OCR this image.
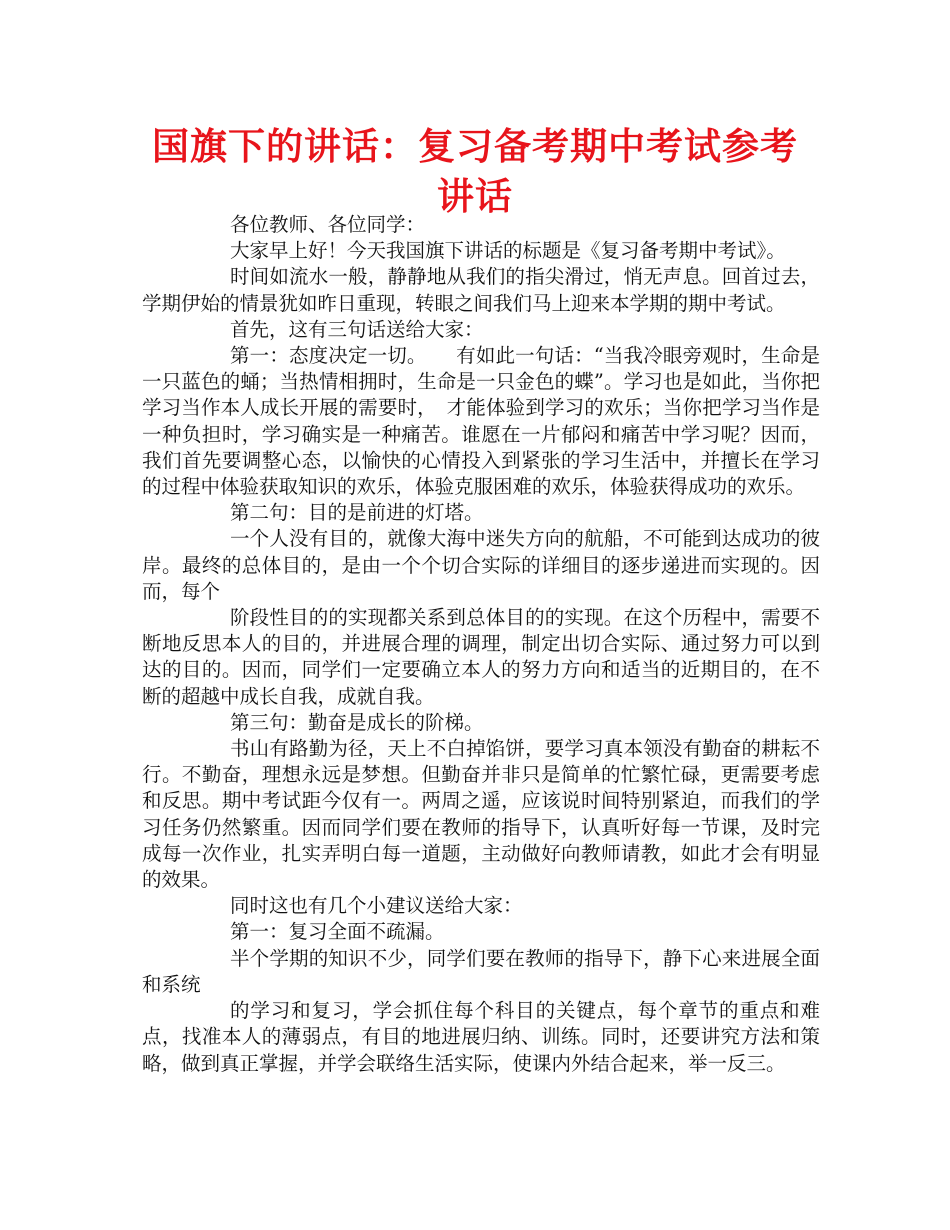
国旗下的讲话：复习备考期中考试参考讲话

各位教师、各位同学：

大家早上好！今天我国旗下讲话的标题是《复习备考期中考试》。

时间如流水一般，静静地从我们的指尖滑过，悄无声息。回首过去，学期伊始的情景犹如昨日重现，转眼之间我们马上迎来本学期的期中考试。

首先，这有三句话送给大家：

第一：态度决定一切。　　有如此一句话：“当我冷眼旁观时，生命是一只蓝色的蛹；当热情相拥时，生命是一只金色的蝶”。学习也是如此，当你把学习当作本人成长开展的需要时，　才能体验到学习的欢乐；当你把学习当作是一种负担时，学习确实是一种痛苦。谁愿在一片郁闷和痛苦中学习呢？因而，我们首先要调整心态，以愉快的心情投入到紧张的学习生活中，并擅长在学习的过程中体验获取知识的欢乐，体验克服困难的欢乐，体验获得成功的欢乐。

第二句：目的是前进的灯塔。

一个人没有目的，就像大海中迷失方向的航船，不可能到达成功的彼岸。最终的总体目的，是由一个个切合实际的详细目的逐步递进而实现的。因而，每个

阶段性目的的实现都关系到总体目的的实现。在这个历程中，需要不断地反思本人的目的，并进展合理的调理，制定出切合实际、通过努力可以到达的目的。因而，同学们一定要确立本人的努力方向和适当的近期目的，在不断的超越中成长自我，成就自我。

第三句：勤奋是成长的阶梯。

书山有路勤为径，天上不白掉馅饼，要学习真本领没有勤奋的耕耘不行。不勤奋，理想永远是梦想。但勤奋并非只是简单的忙繁忙碌，更需要考虑和反思。期中考试距今仅有一。两周之遥，应该说时间特别紧迫，而我们的学习任务仍然繁重。因而同学们要在教师的指导下，认真听好每一节课，及时完成每一次作业，扎实弄明白每一道题，主动做好向教师请教，如此才会有明显的效果。

同时这也有几个小建议送给大家：

第一：复习全面不疏漏。

半个学期的知识不少，同学们要在教师的指导下，静下心来进展全面和系统

的学习和复习，学会抓住每个科目的关键点，每个章节的重点和难点，找准本人的薄弱点，有目的地进展归纳、训练。同时，还要讲究方法和策略，做到真正掌握，并学会联络生活实际，使课内外结合起来，举一反三。
